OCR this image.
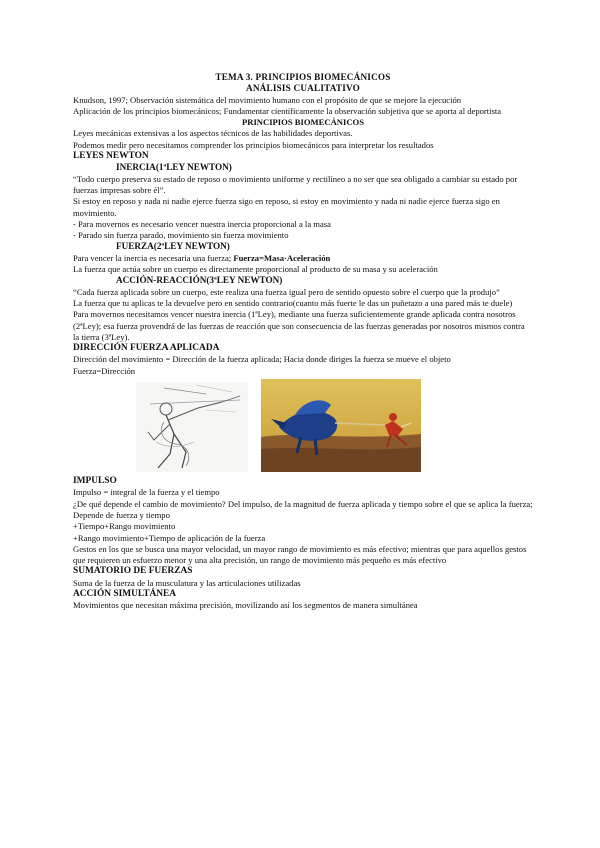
TEMA 3. PRINCIPIOS BIOMECÁNICOS

ANÁLISIS CUALITATIVO

Knudson, 1997; Observación sistemática del movimiento humano con el propósito de que se mejore la ejecución

Aplicación de los principios biomecánicos; Fundamentar científicamente la observación subjetiva que se aporta al deportista

PRINCIPIOS BIOMECÁNICOS

Leyes mecánicas extensivas a los aspectos técnicos de las habilidades deportivas.

Podemos medir pero necesitamos comprender los principios biomecánicos para interpretar los resultados

LEYES NEWTON

INERCIA(1ªLEY NEWTON)

“Todo cuerpo preserva su estado de reposo o movimiento uniforme y rectilíneo a no ser que sea obligado a cambiar su estado por fuerzas impresas sobre él”.

Si estoy en reposo y nada ni nadie ejerce fuerza sigo en reposo, si estoy en movimiento y nada ni nadie ejerce fuerza sigo en movimiento.

- Para movernos es necesario vencer nuestra inercia proporcional a la masa

- Parado sin fuerza parado, movimiento sin fuerza movimiento

FUERZA(2ªLEY NEWTON)

Para vencer la inercia es necesaria una fuerza; Fuerza=Masa·Aceleración

La fuerza que actúa sobre un cuerpo es directamente proporcional al producto de su masa y su aceleración

ACCIÓN-REACCIÓN(3ªLEY NEWTON)

“Cada fuerza aplicada sobre un cuerpo, este realiza una fuerza igual pero de sentido opuesto sobre el cuerpo que la produjo”

La fuerza que tu aplicas te la devuelve pero en sentido contrario(cuanto más fuerte le das un puñetazo a una pared más te duele)

Para movernos necesitamos vencer nuestra inercia (1ªLey), mediante una fuerza suficientemente grande aplicada contra nosotros (2ªLey); esa fuerza provendrá de las fuerzas de reacción que son consecuencia de las fuerzas generadas por nosotros mismos contra la tierra (3ªLey).

DIRECCIÓN FUERZA APLICADA

Dirección del movimiento = Dirección de la fuerza aplicada; Hacia donde diriges la fuerza se mueve el objeto

Fuerza=Dirección

IMPULSO

Impulso = integral de la fuerza y el tiempo

¿De qué depende el cambio de movimiento? Del impulso, de la magnitud de fuerza aplicada y tiempo sobre el que se aplica la fuerza; Depende de fuerza y tiempo

+Tiempo+Rango movimiento

+Rango movimiento+Tiempo de aplicación de la fuerza

Gestos en los que se busca una mayor velocidad, un mayor rango de movimiento es más efectivo; mientras que para aquellos gestos que requieren un esfuerzo menor y una alta precisión, un rango de movimiento más pequeño es más efectivo

SUMATORIO DE FUERZAS

Suma de la fuerza de la musculatura y las articulaciones utilizadas

ACCIÓN SIMULTÁNEA

Movimientos que necesitan máxima precisión, movilizando así los segmentos de manera simultánea
